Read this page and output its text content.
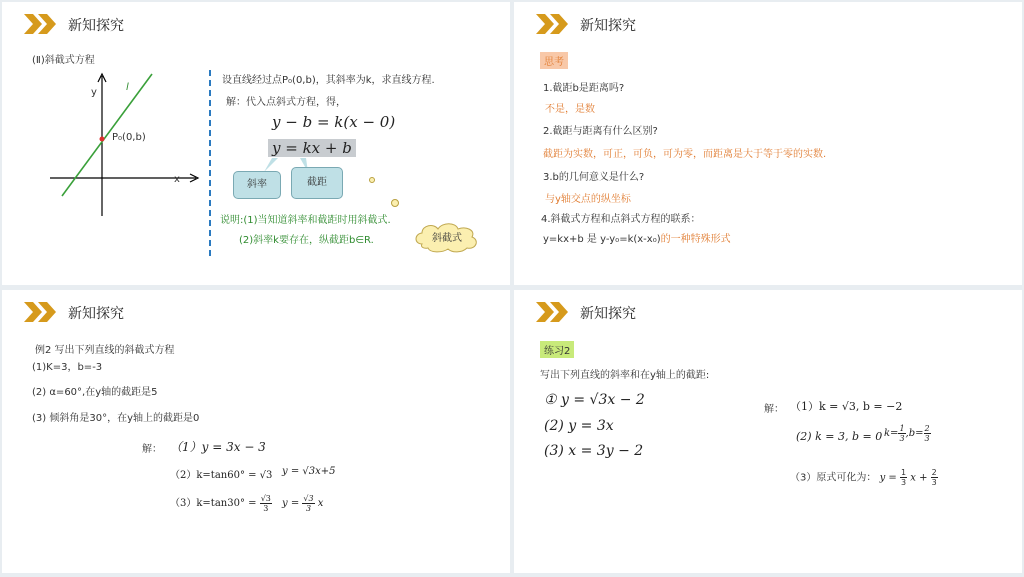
新知探究
(Ⅱ)斜截式方程
y
x
l
P₀(0,b)
设直线经过点P₀(0,b)，其斜率为k，求直线方程.
解：代入点斜式方程，得，
y − b = k(x − 0)
y = kx + b
斜率	截距
说明:(1)当知道斜率和截距时用斜截式.
(2)斜率k要存在，纵截距b∈R.	斜截式
新知探究
思考
1.截距b是距离吗?
不是，是数
2.截距与距离有什么区别?
截距为实数，可正，可负，可为零，而距离是大于等于零的实数.
3.b的几何意义是什么?
与y轴交点的纵坐标
4.斜截式方程和点斜式方程的联系：
y=kx+b 是 y-y₀=k(x-x₀)的一种特殊形式
新知探究
例2 写出下列直线的斜截式方程
(1)K=3，b=-3
(2) α=60°,在y轴的截距是5
(3) 倾斜角是30°，在y轴上的截距是0
解： （1）y = 3x − 3
（2）k=tan60° = √3 y = √3x+5
$(3)k=\tan 30^\circ = \frac{√3}{3}$ $y = \frac{√3}{3}$ x
新知探究
练习2
写出下列直线的斜率和在y轴上的截距:
① y = √3x − 2
(2) y = 3x
(3) x = 3y − 2
解： （1）k = √3, b = −2
(2) k = 3, b = 0 $k= \frac{1}{3} ,b= \frac{2}{3}$
（3）原式可化为： $y = \frac{1}{3}$ $x + \frac{2}{3}$
